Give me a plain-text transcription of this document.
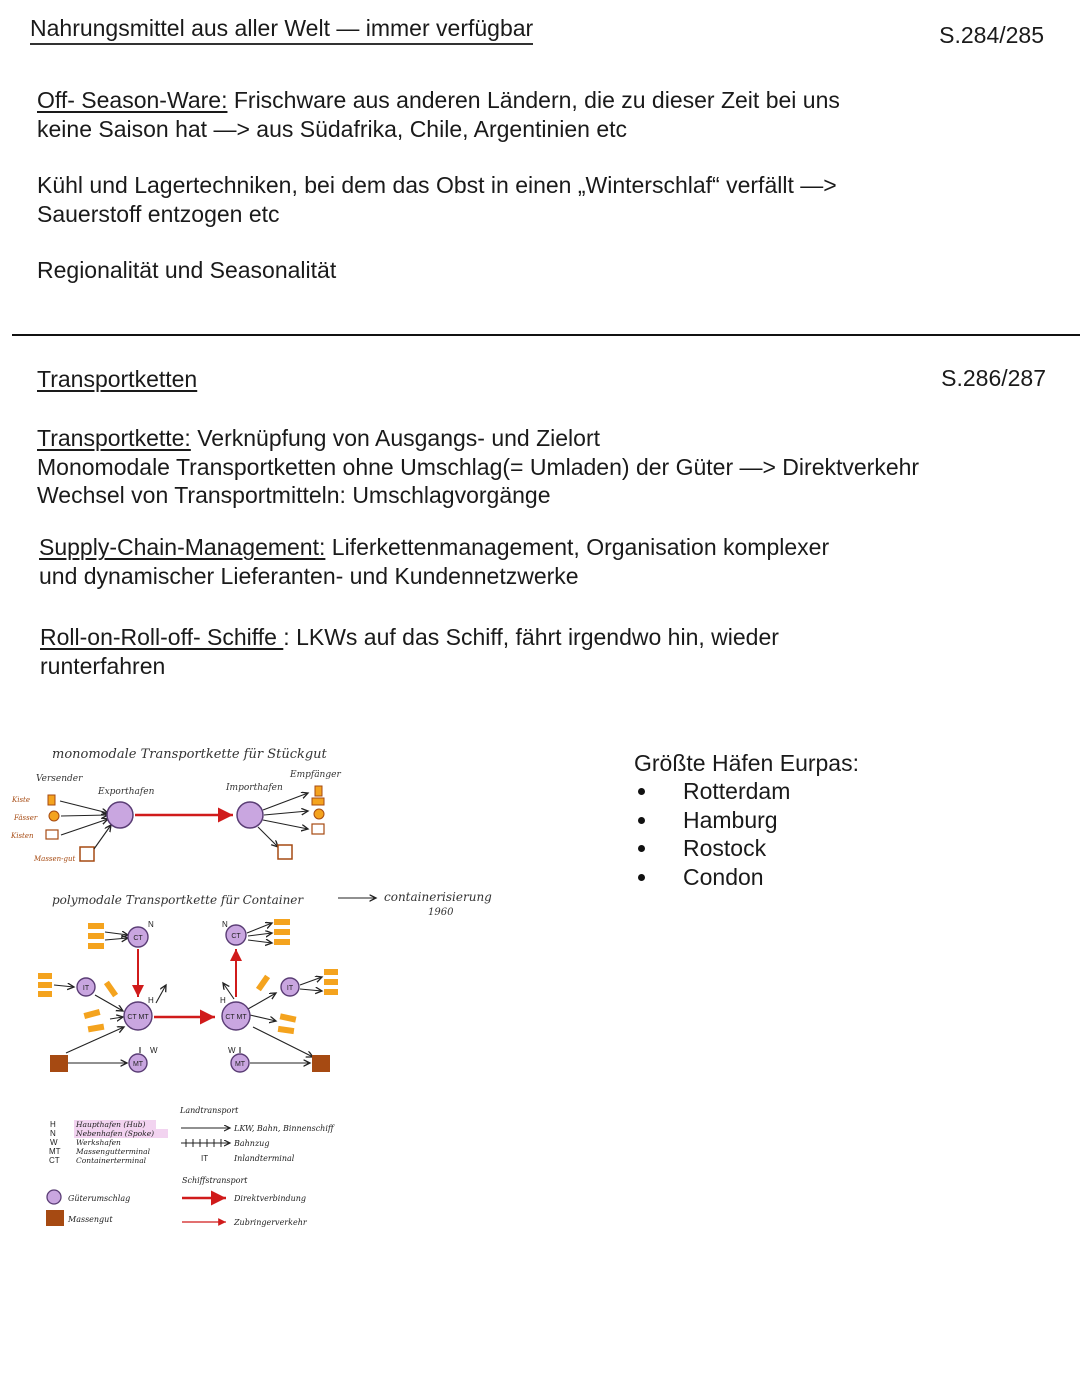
Nahrungsmittel aus aller Welt — immer verfügbar	S.284/285
Off- Season-Ware: Frischware aus anderen Ländern, die zu dieser Zeit bei uns
keine Saison hat —> aus Südafrika, Chile, Argentinien etc
Kühl und Lagertechniken, bei dem das Obst in einen „Winterschlaf“ verfällt —>
Sauerstoff entzogen etc
Regionalität und Seasonalität
Transportketten	S.286/287
Transportkette: Verknüpfung von Ausgangs- und Zielort
Monomodale Transportketten ohne Umschlag(= Umladen) der Güter —> Direktverkehr
Wechsel von Transportmitteln: Umschlagvorgänge
Supply-Chain-Management: Liferkettenmanagement, Organisation komplexer
und dynamischer Lieferanten- und Kundennetzwerke
Roll-on-Roll-off- Schiffe : LKWs auf das Schiff, fährt irgendwo hin, wieder
runterfahren
Größte Häfen Eurpas:
Rotterdam
Hamburg
Rostock
Condon
monomodale Transportkette für Stückgut
Versender	Empfänger
Exporthafen	Importhafen
Kiste
Fässer
Kisten
Massen-gut
polymodale Transportkette für Container	containerisierung
1960
CT	CT
IT	IT
CT MT	CT MT
MT	MT
N	N
H	H
W	W
H
N
W
MT
CT
Haupthafen (Hub)
Nebenhafen (Spoke)
Werkshafen
Massengutterminal
Containerterminal
Güterumschlag
Massengut
Landtransport
LKW, Bahn, Binnenschiff
Bahnzug
IT	Inlandterminal
Schiffstransport
Direktverbindung
Zubringerverkehr
